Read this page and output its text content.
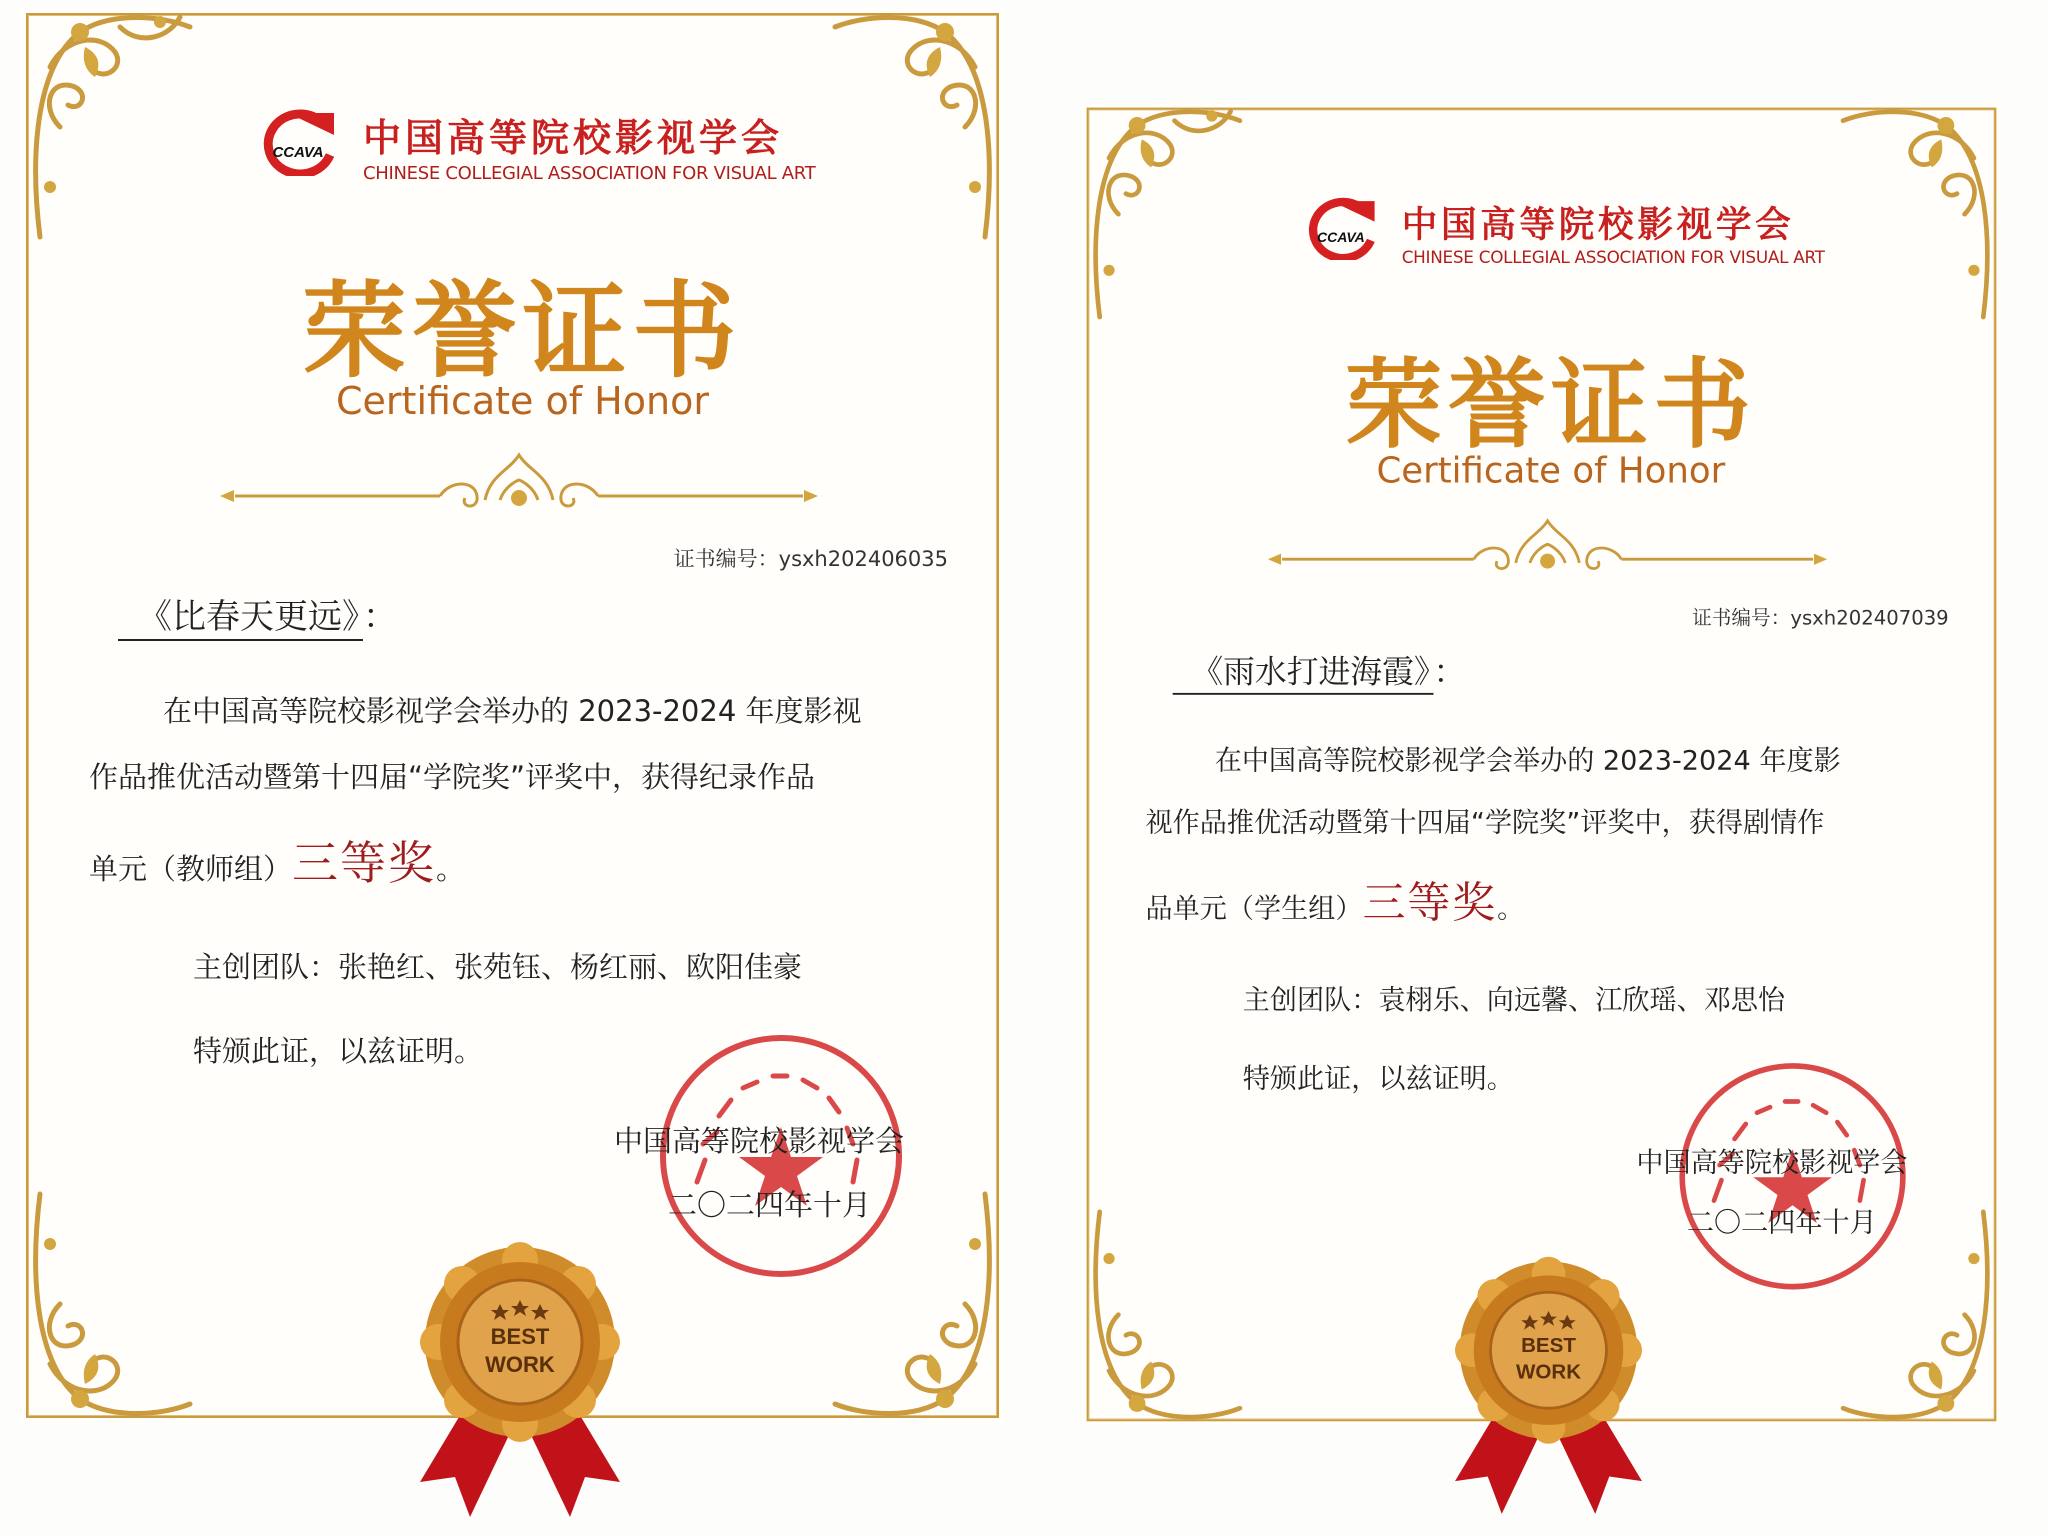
CCAVA 中国高等院校影视学会
CHINESE COLLEGIAL ASSOCIATION FOR VISUAL ART
荣誉证书
Certificate of Honor
证书编号：ysxh202406035
《比春天更远》 ：
在中国高等院校影视学会举办的 2023-2024 年度影视
作品推优活动暨第十四届“学院奖”评奖中，获得纪录作品
单元（教师组）三等奖。
主创团队：张艳红、张苑钰、杨红丽、欧阳佳豪
特颁此证，以兹证明。
中国高等院校影视学会
二〇二四年十月
BEST
WORK
CCAVA 中国高等院校影视学会
CHINESE COLLEGIAL ASSOCIATION FOR VISUAL ART
荣誉证书
Certificate of Honor
证书编号：ysxh202407039
《雨水打进海霞》 ：
在中国高等院校影视学会举办的 2023-2024 年度影
视作品推优活动暨第十四届“学院奖”评奖中，获得剧情作
品单元（学生组）三等奖。
主创团队：袁栩乐、向远馨、江欣瑶、邓思怡
特颁此证，以兹证明。
中国高等院校影视学会
二〇二四年十月
BEST
WORK
